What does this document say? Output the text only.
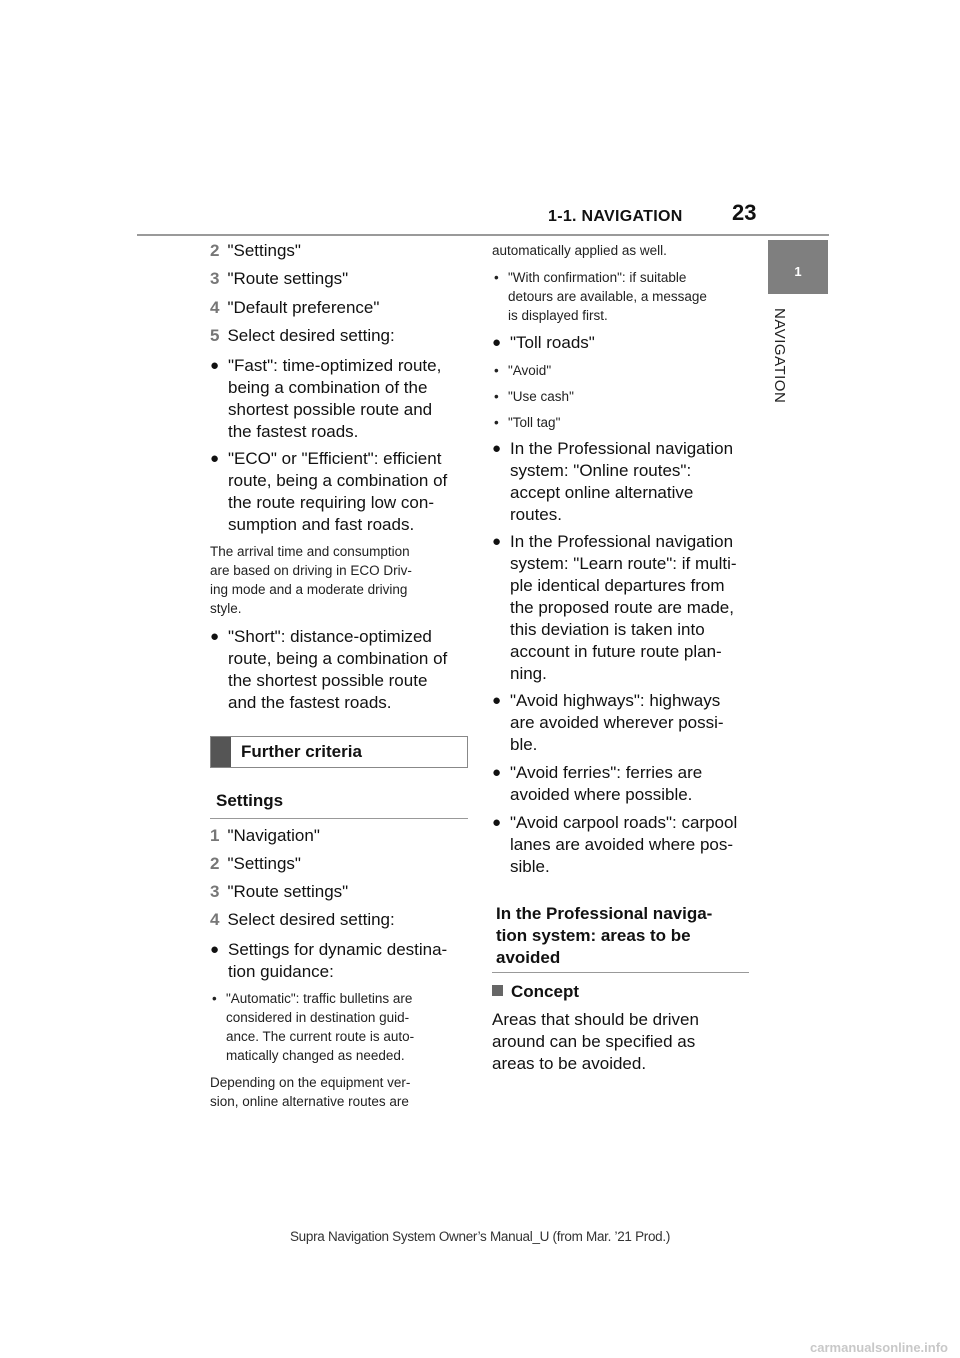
1-1. NAVIGATION 23
1
NAVIGATION
2 "Settings"
3 "Route settings"
4 "Default preference"
5 Select desired setting:
● "Fast": time-optimized route,
being a combination of the
shortest possible route and
the fastest roads.
● "ECO" or "Efficient": efficient
route, being a combination of
the route requiring low con-
sumption and fast roads.
The arrival time and consumption
are based on driving in ECO Driv-
ing mode and a moderate driving
style.
● "Short": distance-optimized
route, being a combination of
the shortest possible route
and the fastest roads.
Further criteria
Settings
1 "Navigation"
2 "Settings"
3 "Route settings"
4 Select desired setting:
● Settings for dynamic destina-
tion guidance:
• "Automatic": traffic bulletins are
considered in destination guid-
ance. The current route is auto-
matically changed as needed.
Depending on the equipment ver-
sion, online alternative routes are
automatically applied as well.
• "With confirmation": if suitable
detours are available, a message
is displayed first.
● "Toll roads"
• "Avoid"
• "Use cash"
• "Toll tag"
● In the Professional navigation
system: "Online routes":
accept online alternative
routes.
● In the Professional navigation
system: "Learn route": if multi-
ple identical departures from
the proposed route are made,
this deviation is taken into
account in future route plan-
ning.
● "Avoid highways": highways
are avoided wherever possi-
ble.
● "Avoid ferries": ferries are
avoided where possible.
● "Avoid carpool roads": carpool
lanes are avoided where pos-
sible.
In the Professional naviga-
tion system: areas to be
avoided
Concept
Areas that should be driven
around can be specified as
areas to be avoided.
Supra Navigation System Owner’s Manual_U (from Mar. ’21 Prod.)
carmanualsonline.info
